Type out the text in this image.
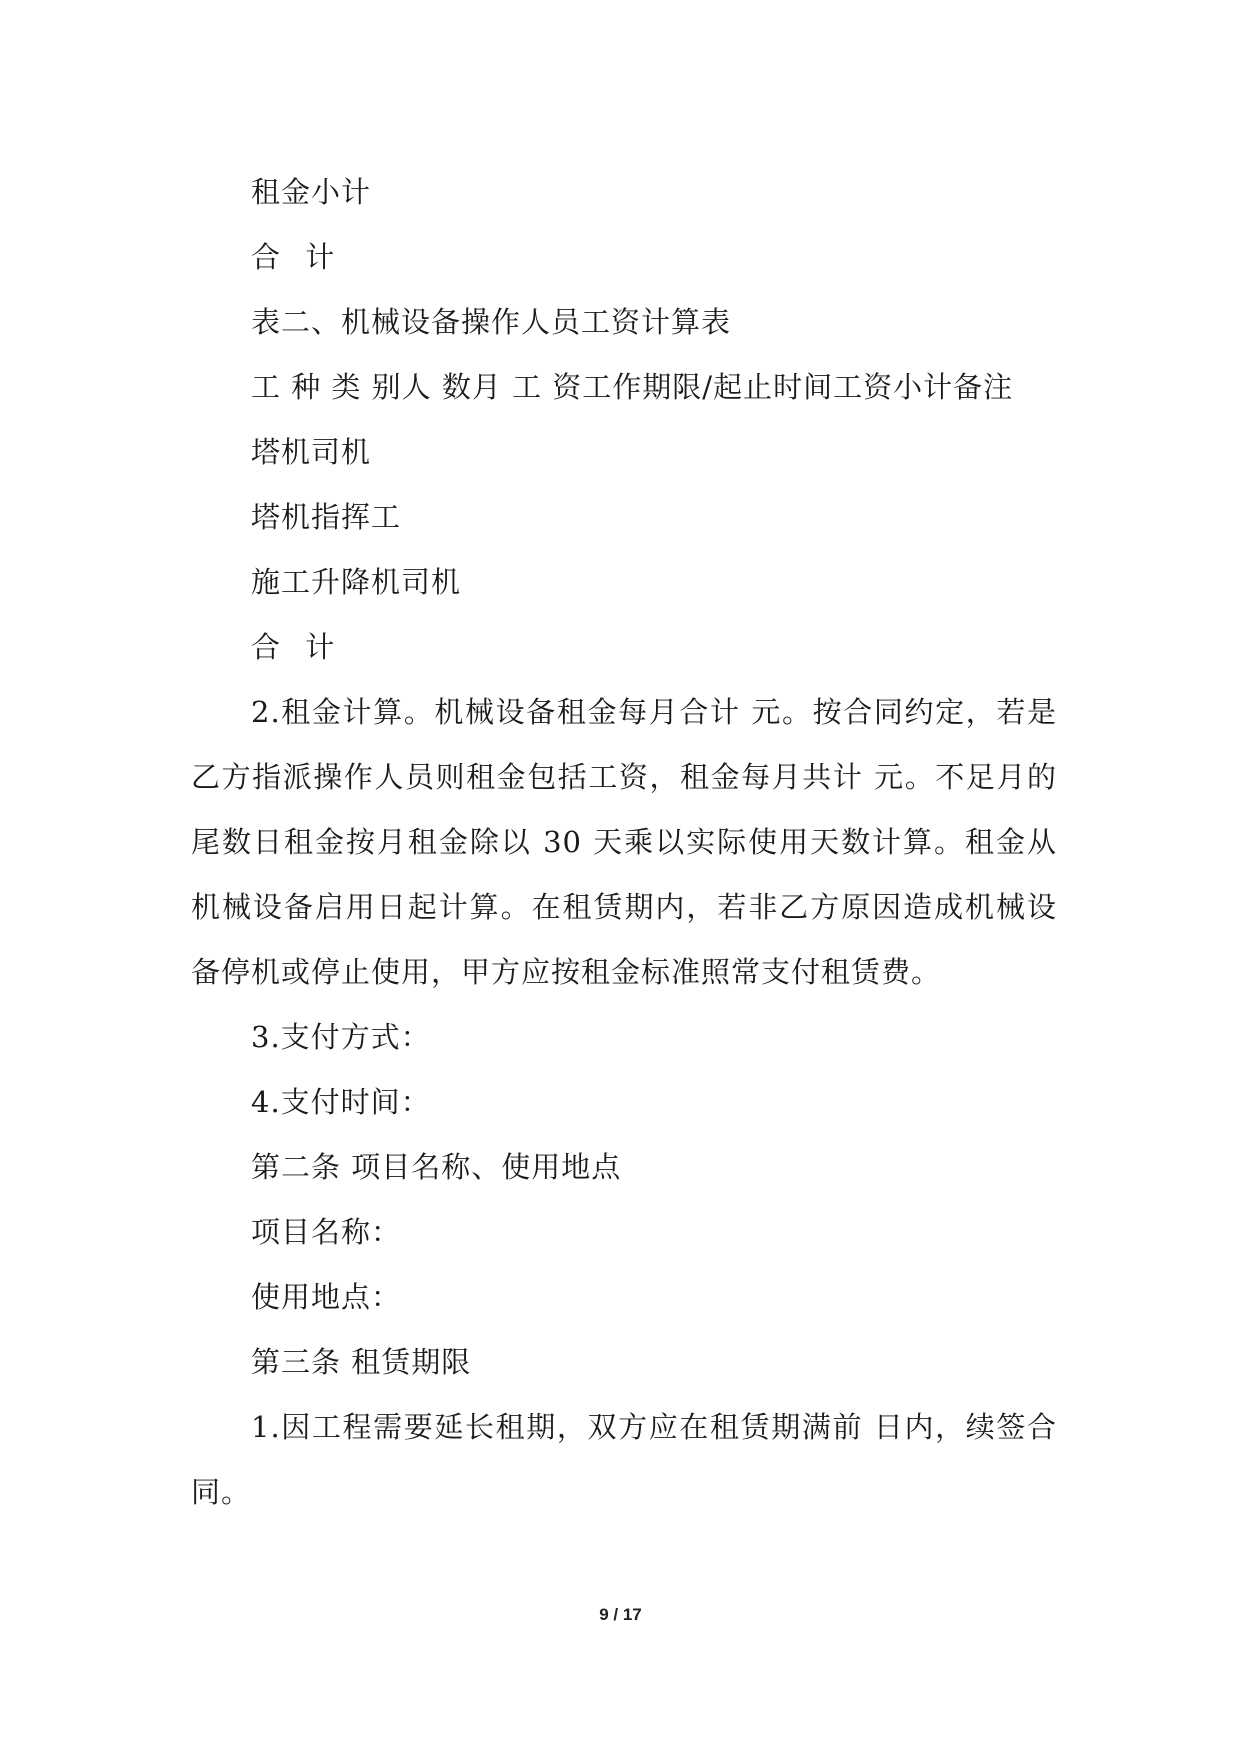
租金小计

合 计

表二、机械设备操作人员工资计算表

工 种 类 别人 数月 工 资工作期限/起止时间工资小计备注

塔机司机

塔机指挥工

施工升降机司机

合 计

2.租金计算。机械设备租金每月合计 元。按合同约定，若是乙方指派操作人员则租金包括工资，租金每月共计 元。不足月的尾数日租金按月租金除以 30 天乘以实际使用天数计算。租金从机械设备启用日起计算。在租赁期内，若非乙方原因造成机械设备停机或停止使用，甲方应按租金标准照常支付租赁费。

3.支付方式：

4.支付时间：

第二条 项目名称、使用地点

项目名称：

使用地点：

第三条 租赁期限

1.因工程需要延长租期，双方应在租赁期满前 日内，续签合同。

9 / 17
